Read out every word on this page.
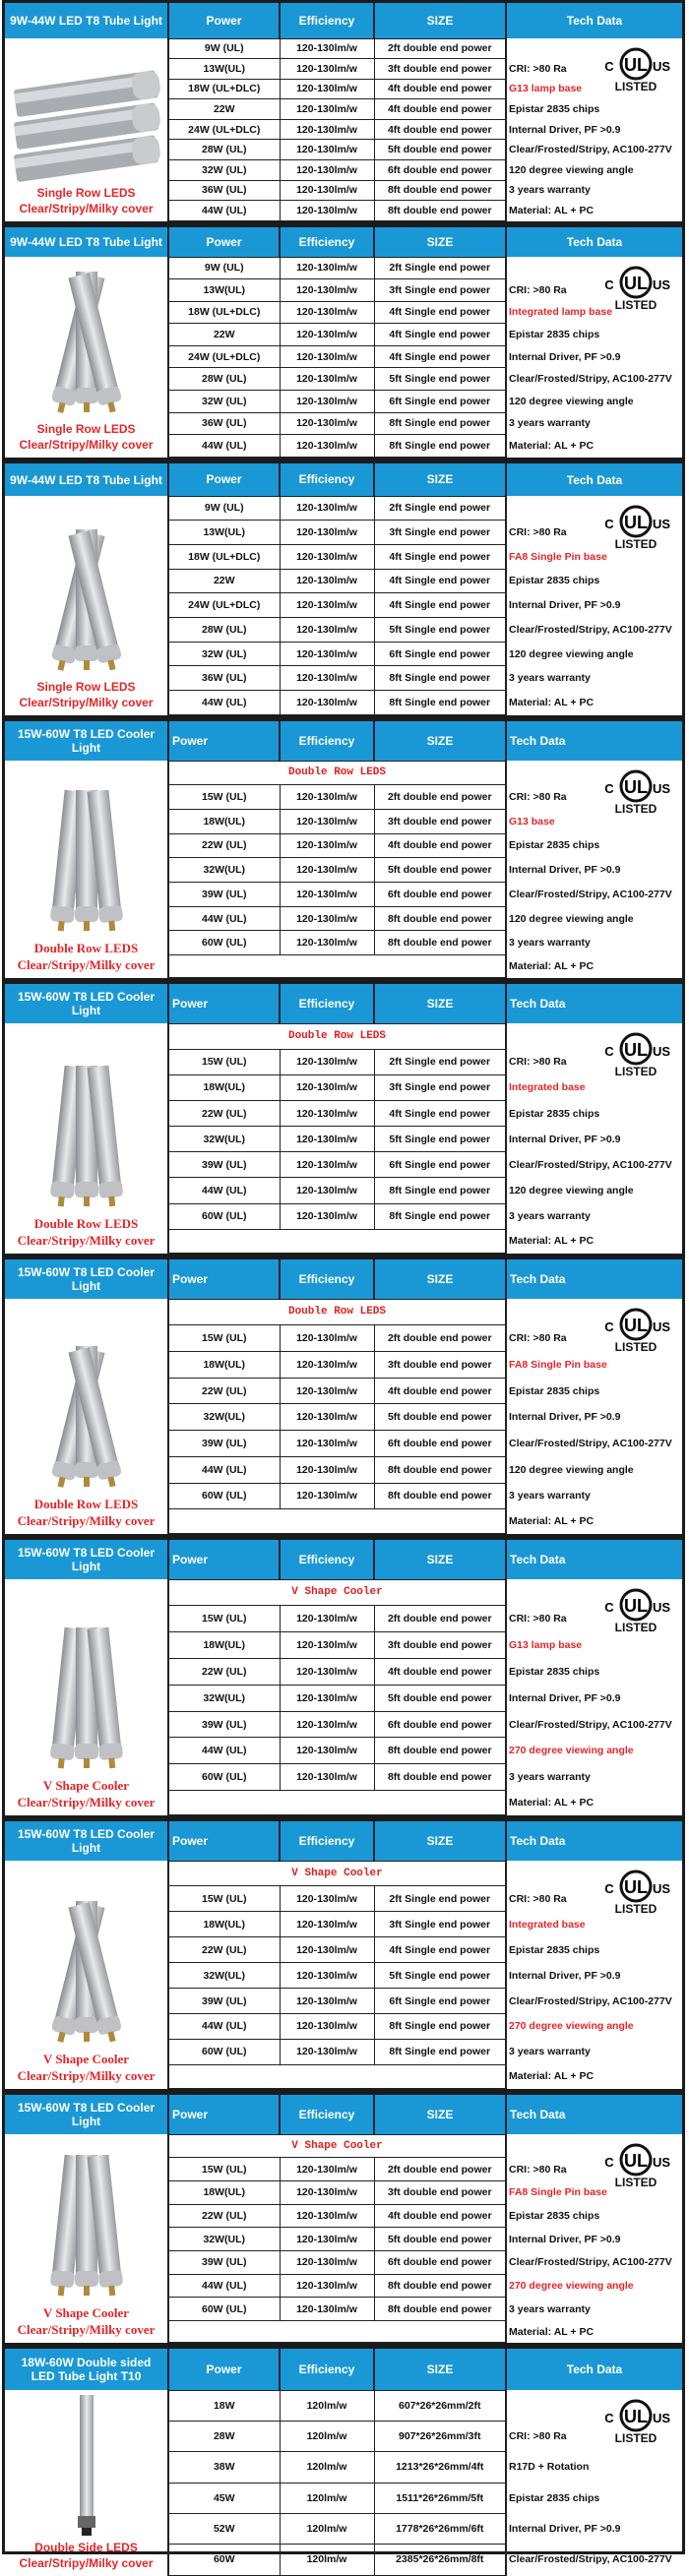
9W-44W LED T8 Tube Light	Power	Efficiency	SIZE	Tech Data

Single Row LEDS
Clear/Stripy/Milky cover	9W (UL)	120-130lm/w	2ft double end power	
	13W(UL)	120-130lm/w	3ft double end power	CRI: >80 Ra
	18W (UL+DLC)	120-130lm/w	4ft double end power	G13 lamp base
	22W	120-130lm/w	4ft double end power	Epistar 2835 chips
	24W (UL+DLC)	120-130lm/w	4ft double end power	Internal Driver, PF >0.9
	28W (UL)	120-130lm/w	5ft double end power	Clear/Frosted/Stripy, AC100-277V
	32W (UL)	120-130lm/w	6ft double end power	120 degree viewing angle
	36W (UL)	120-130lm/w	8ft double end power	3 years warranty
	44W (UL)	120-130lm/w	8ft double end power	Material: AL + PC
C UL US
LISTED
9W-44W LED T8 Tube Light	Power	Efficiency	SIZE	Tech Data

Single Row LEDS
Clear/Stripy/Milky cover	9W (UL)	120-130lm/w	2ft Single end power	
	13W(UL)	120-130lm/w	3ft Single end power	CRI: >80 Ra
	18W (UL+DLC)	120-130lm/w	4ft Single end power	Integrated lamp base
	22W	120-130lm/w	4ft Single end power	Epistar 2835 chips
	24W (UL+DLC)	120-130lm/w	4ft Single end power	Internal Driver, PF >0.9
	28W (UL)	120-130lm/w	5ft Single end power	Clear/Frosted/Stripy, AC100-277V
	32W (UL)	120-130lm/w	6ft Single end power	120 degree viewing angle
	36W (UL)	120-130lm/w	8ft Single end power	3 years warranty
	44W (UL)	120-130lm/w	8ft Single end power	Material: AL + PC
C UL US
LISTED
9W-44W LED T8 Tube Light	Power	Efficiency	SIZE	Tech Data

Single Row LEDS
Clear/Stripy/Milky cover	9W (UL)	120-130lm/w	2ft Single end power	
	13W(UL)	120-130lm/w	3ft Single end power	CRI: >80 Ra
	18W (UL+DLC)	120-130lm/w	4ft Single end power	FA8 Single Pin base
	22W	120-130lm/w	4ft Single end power	Epistar 2835 chips
	24W (UL+DLC)	120-130lm/w	4ft Single end power	Internal Driver, PF >0.9
	28W (UL)	120-130lm/w	5ft Single end power	Clear/Frosted/Stripy, AC100-277V
	32W (UL)	120-130lm/w	6ft Single end power	120 degree viewing angle
	36W (UL)	120-130lm/w	8ft Single end power	3 years warranty
	44W (UL)	120-130lm/w	8ft Single end power	Material: AL + PC
C UL US
LISTED
15W-60W T8 LED Cooler Light	Power	Efficiency	SIZE	Tech Data

Double Row LEDS
Clear/Stripy/Milky cover	Double Row LEDS			
	15W (UL)	120-130lm/w	2ft double end power	CRI: >80 Ra
	18W(UL)	120-130lm/w	3ft double end power	G13 base
	22W (UL)	120-130lm/w	4ft double end power	Epistar 2835 chips
	32W(UL)	120-130lm/w	5ft double end power	Internal Driver, PF >0.9
	39W (UL)	120-130lm/w	6ft double end power	Clear/Frosted/Stripy, AC100-277V
	44W (UL)	120-130lm/w	8ft double end power	120 degree viewing angle
	60W (UL)	120-130lm/w	8ft double end power	3 years warranty
				Material: AL + PC
C UL US
LISTED
15W-60W T8 LED Cooler Light	Power	Efficiency	SIZE	Tech Data

Double Row LEDS
Clear/Stripy/Milky cover	Double Row LEDS			
	15W (UL)	120-130lm/w	2ft Single end power	CRI: >80 Ra
	18W(UL)	120-130lm/w	3ft Single end power	Integrated base
	22W (UL)	120-130lm/w	4ft Single end power	Epistar 2835 chips
	32W(UL)	120-130lm/w	5ft Single end power	Internal Driver, PF >0.9
	39W (UL)	120-130lm/w	6ft Single end power	Clear/Frosted/Stripy, AC100-277V
	44W (UL)	120-130lm/w	8ft Single end power	120 degree viewing angle
	60W (UL)	120-130lm/w	8ft Single end power	3 years warranty
				Material: AL + PC
C UL US
LISTED
15W-60W T8 LED Cooler Light	Power	Efficiency	SIZE	Tech Data

Double Row LEDS
Clear/Stripy/Milky cover	Double Row LEDS			
	15W (UL)	120-130lm/w	2ft double end power	CRI: >80 Ra
	18W(UL)	120-130lm/w	3ft double end power	FA8 Single Pin base
	22W (UL)	120-130lm/w	4ft double end power	Epistar 2835 chips
	32W(UL)	120-130lm/w	5ft double end power	Internal Driver, PF >0.9
	39W (UL)	120-130lm/w	6ft double end power	Clear/Frosted/Stripy, AC100-277V
	44W (UL)	120-130lm/w	8ft double end power	120 degree viewing angle
	60W (UL)	120-130lm/w	8ft double end power	3 years warranty
				Material: AL + PC
C UL US
LISTED
15W-60W T8 LED Cooler Light	Power	Efficiency	SIZE	Tech Data

V Shape Cooler
Clear/Stripy/Milky cover	V Shape Cooler			
	15W (UL)	120-130lm/w	2ft double end power	CRI: >80 Ra
	18W(UL)	120-130lm/w	3ft double end power	G13 lamp base
	22W (UL)	120-130lm/w	4ft double end power	Epistar 2835 chips
	32W(UL)	120-130lm/w	5ft double end power	Internal Driver, PF >0.9
	39W (UL)	120-130lm/w	6ft double end power	Clear/Frosted/Stripy, AC100-277V
	44W (UL)	120-130lm/w	8ft double end power	270 degree viewing angle
	60W (UL)	120-130lm/w	8ft double end power	3 years warranty
				Material: AL + PC
C UL US
LISTED
15W-60W T8 LED Cooler Light	Power	Efficiency	SIZE	Tech Data

V Shape Cooler
Clear/Stripy/Milky cover	V Shape Cooler			
	15W (UL)	120-130lm/w	2ft Single end power	CRI: >80 Ra
	18W(UL)	120-130lm/w	3ft Single end power	Integrated base
	22W (UL)	120-130lm/w	4ft Single end power	Epistar 2835 chips
	32W(UL)	120-130lm/w	5ft Single end power	Internal Driver, PF >0.9
	39W (UL)	120-130lm/w	6ft Single end power	Clear/Frosted/Stripy, AC100-277V
	44W (UL)	120-130lm/w	8ft Single end power	270 degree viewing angle
	60W (UL)	120-130lm/w	8ft Single end power	3 years warranty
				Material: AL + PC
C UL US
LISTED
15W-60W T8 LED Cooler Light	Power	Efficiency	SIZE	Tech Data

V Shape Cooler
Clear/Stripy/Milky cover	V Shape Cooler			
	15W (UL)	120-130lm/w	2ft double end power	CRI: >80 Ra
	18W(UL)	120-130lm/w	3ft double end power	FA8 Single Pin base
	22W (UL)	120-130lm/w	4ft double end power	Epistar 2835 chips
	32W(UL)	120-130lm/w	5ft double end power	Internal Driver, PF >0.9
	39W (UL)	120-130lm/w	6ft double end power	Clear/Frosted/Stripy, AC100-277V
	44W (UL)	120-130lm/w	8ft double end power	270 degree viewing angle
	60W (UL)	120-130lm/w	8ft double end power	3 years warranty
				Material: AL + PC
C UL US
LISTED
18W-60W Double sided LED Tube Light T10	Power	Efficiency	SIZE	Tech Data

Double Side LEDS
Clear/Stripy/Milky cover	18W	120lm/w	607*26*26mm/2ft	
	28W	120lm/w	907*26*26mm/3ft	CRI: >80 Ra
	38W	120lm/w	1213*26*26mm/4ft	R17D + Rotation
	45W	120lm/w	1511*26*26mm/5ft	Epistar 2835 chips
	52W	120lm/w	1778*26*26mm/6ft	Internal Driver, PF >0.9
	60W	120lm/w	2385*26*26mm/8ft	Clear/Frosted/Stripy, AC100-277V
C UL US
LISTED
